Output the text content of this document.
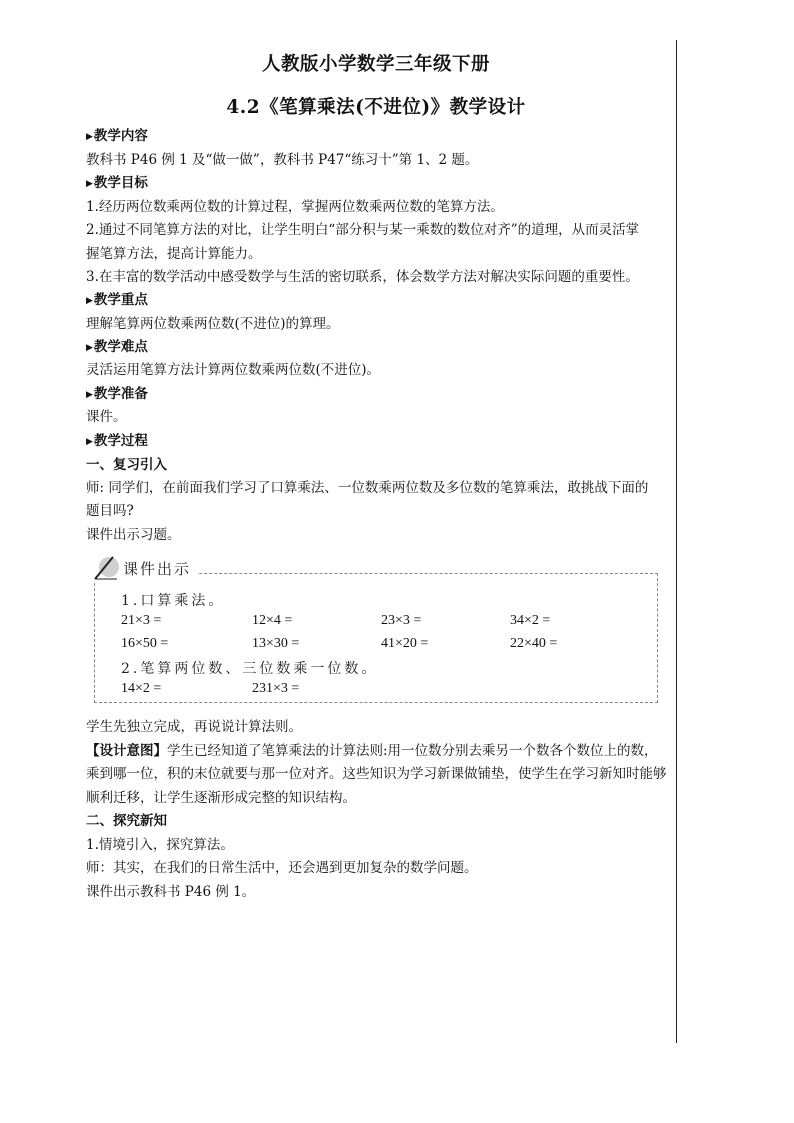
人教版小学数学三年级下册
4.2《笔算乘法(不进位)》教学设计
▶教学内容
教科书 P46 例 1 及“做一做”，教科书 P47“练习十”第 1、2 题。
▶教学目标
1.经历两位数乘两位数的计算过程，掌握两位数乘两位数的笔算方法。
2.通过不同笔算方法的对比，让学生明白“部分积与某一乘数的数位对齐”的道理，从而灵活掌
握笔算方法，提高计算能力。
3.在丰富的数学活动中感受数学与生活的密切联系，体会数学方法对解决实际问题的重要性。
▶教学重点
理解笔算两位数乘两位数(不进位)的算理。
▶教学难点
灵活运用笔算方法计算两位数乘两位数(不进位)。
▶教学准备
课件。
▶教学过程
一、复习引入
师: 同学们，在前面我们学习了口算乘法、一位数乘两位数及多位数的笔算乘法，敢挑战下面的
题目吗?
课件出示习题。
课件出示
1.口算乘法。
21×3 =	12×4 =	23×3 =	34×2 =
16×50 =	13×30 =	41×20 =	22×40 =
2.笔算两位数、三位数乘一位数。
14×2 =	231×3 =
学生先独立完成，再说说计算法则。
【设计意图】学生已经知道了笔算乘法的计算法则:用一位数分别去乘另一个数各个数位上的数，
乘到哪一位，积的末位就要与那一位对齐。这些知识为学习新课做铺垫，使学生在学习新知时能够
顺利迁移，让学生逐渐形成完整的知识结构。
二、探究新知
1.情境引入，探究算法。
师：其实，在我们的日常生活中，还会遇到更加复杂的数学问题。
课件出示教科书 P46 例 1。
